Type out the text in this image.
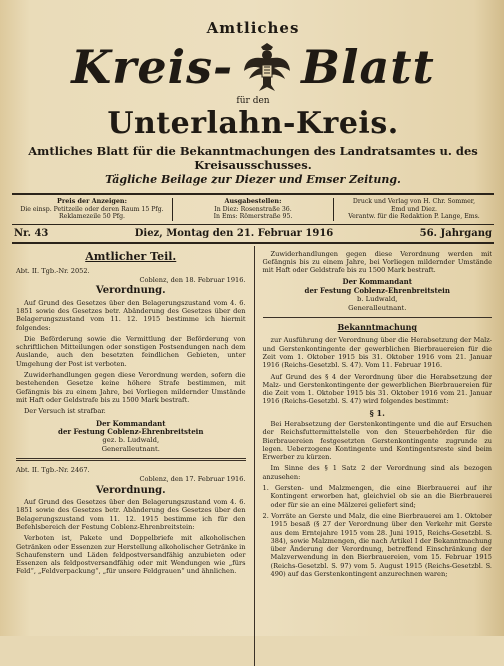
Amtliches
Kreis- Blatt
für den
Unterlahn-Kreis.
Amtliches Blatt für die Bekanntmachungen des Landratsamtes u. des Kreisausschusses.
Tägliche Beilage zur Diezer und Emser Zeitung.
Preis der Anzeigen:
Die einsp. Petitzeile oder deren Raum 15 Pfg.
Reklamezeile 50 Pfg.
Ausgabestellen:
In Diez: Rosenstraße 36.
In Ems: Römerstraße 95.
Druck und Verlag von H. Chr. Sommer,
Emd und Diez.
Verantw. für die Redaktion P. Lange, Ems.
Nr. 43	Diez, Montag den 21. Februar 1916	56. Jahrgang
Amtlicher Teil.
Abt. II. Tgb.-Nr. 2052.
Coblenz, den 18. Februar 1916.
Verordnung.

Auf Grund des Gesetzes über den Belagerungszustand vom 4. 6. 1851 sowie des Gesetzes betr. Abänderung des Gesetzes über den Belagerungszustand vom 11. 12. 1915 bestimme ich hiermit folgendes:

Die Beförderung sowie die Vermittlung der Beförderung von schriftlichen Mitteilungen oder sonstigen Postsendungen nach dem Auslande, auch den besetzten feindlichen Gebieten, unter Umgehung der Post ist verboten.

Zuwiderhandlungen gegen diese Verordnung werden, sofern die bestehenden Gesetze keine höhere Strafe bestimmen, mit Gefängnis bis zu einem Jahre, bei Vorliegen mildernder Umstände mit Haft oder Geldstrafe bis zu 1500 Mark bestraft.

Der Versuch ist strafbar.

Der Kommandant
der Festung Coblenz-Ehrenbreitstein
gez. b. Ludwald,
Generalleutnant.
Abt. II. Tgb.-Nr. 2467.
Coblenz, den 17. Februar 1916.
Verordnung.

Auf Grund des Gesetzes über den Belagerungszustand vom 4. 6. 1851 sowie des Gesetzes betr. Abänderung des Gesetzes über den Belagerungszustand vom 11. 12. 1915 bestimme ich für den Befehlsbereich der Festung Coblenz-Ehrenbreitstein:

Verboten ist, Pakete und Doppelbriefe mit alkoholischen Getränken oder Essenzen zur Herstellung alkoholischer Getränke in Schaufenstern und Läden feldpostversandfähig anzubieten oder Essenzen als feldpostversandfähig oder mit Wendungen wie „fürs Feld“, „Feldverpackung“, „für unsere Feldgrauen“ und ähnlichen.

Zuwiderhandlungen gegen diese Verordnung werden mit Gefängnis bis zu einem Jahre, bei Vorliegen mildernder Umstände mit Haft oder Geldstrafe bis zu 1500 Mark bestraft.

Der Kommandant
der Festung Coblenz-Ehrenbreitstein
b. Ludwald,
Generalleutnant.
Bekanntmachung

zur Ausführung der Verordnung über die Herabsetzung der Malz- und Gerstenkontingente der gewerblichen Bierbrauereien für die Zeit vom 1. Oktober 1915 bis 31. Oktober 1916 vom 21. Januar 1916 (Reichs-Gesetzbl. S. 47). Vom 11. Februar 1916.

Auf Grund des § 4 der Verordnung über die Herabsetzung der Malz- und Gerstenkontingente der gewerblichen Bierbrauereien für die Zeit vom 1. Oktober 1915 bis 31. Oktober 1916 vom 21. Januar 1916 (Reichs-Gesetzbl. S. 47) wird folgendes bestimmt:

§ 1.

Bei Herabsetzung der Gerstenkontingente und die auf Ersuchen der Reichsfuttermittelstelle von den Steuerbehörden für die Bierbrauereien festgesetzten Gerstenkontingente zugrunde zu legen. Ueberzogene Kontingente und Kontingentsreste sind beim Erwerber zu kürzen.

Im Sinne des § 1 Satz 2 der Verordnung sind als bezogen anzusehen:

1. Gersten- und Malzmengen, die eine Bierbrauerei auf ihr Kontingent erworben hat, gleichviel ob sie an die Bierbrauerei oder für sie an eine Mälzerei geliefert sind;
2. Vorräte an Gerste und Malz, die eine Bierbrauerei am 1. Oktober 1915 besaß (§ 27 der Verordnung über den Verkehr mit Gerste aus dem Erntejahre 1915 vom 28. Juni 1915, Reichs-Gesetzbl. S. 384), sowie Malzmengen, die nach Artikel I der Bekanntmachung über Änderung der Verordnung, betreffend Einschränkung der Malzverwendung in den Bierbrauereien, vom 15. Februar 1915 (Reichs-Gesetzbl. S. 97) vom 5. August 1915 (Reichs-Gesetzbl. S. 490) auf das Gerstenkontingent anzurechnen waren;
